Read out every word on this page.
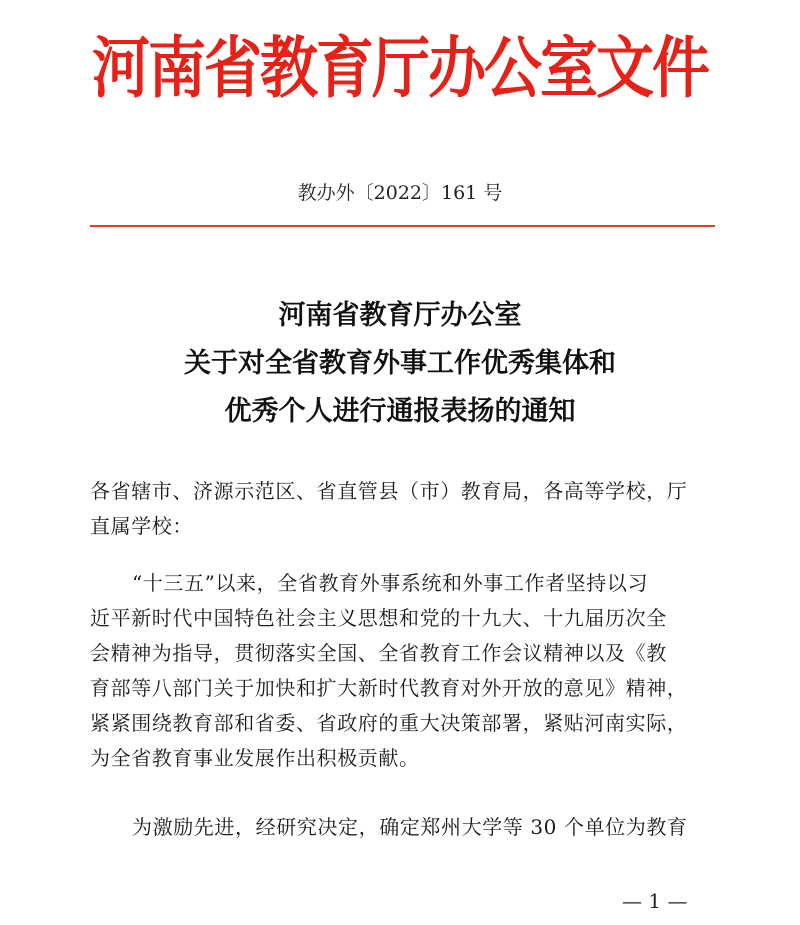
河南省教育厅办公室文件
教办外〔2022〕161 号
河南省教育厅办公室
关于对全省教育外事工作优秀集体和
优秀个人进行通报表扬的通知
各省辖市、济源示范区、省直管县（市）教育局，各高等学校，厅
直属学校：
“十三五”以来，全省教育外事系统和外事工作者坚持以习
近平新时代中国特色社会主义思想和党的十九大、十九届历次全
会精神为指导，贯彻落实全国、全省教育工作会议精神以及《教
育部等八部门关于加快和扩大新时代教育对外开放的意见》精神，
紧紧围绕教育部和省委、省政府的重大决策部署，紧贴河南实际，
为全省教育事业发展作出积极贡献。
为激励先进，经研究决定，确定郑州大学等 30 个单位为教育
— 1 —
